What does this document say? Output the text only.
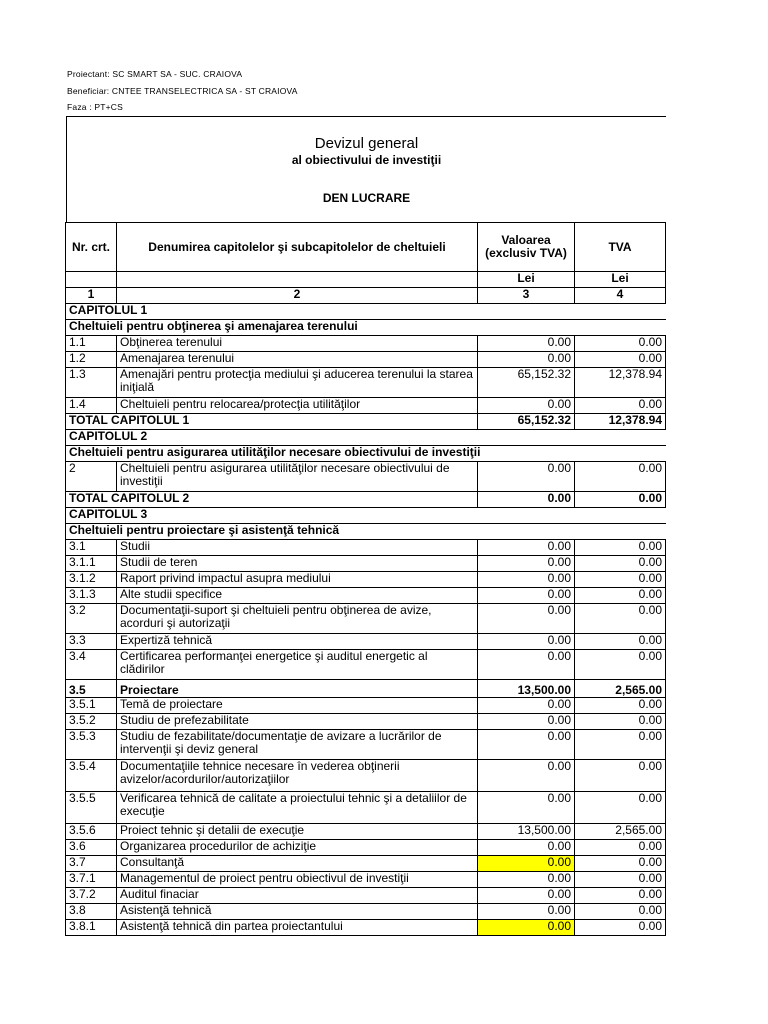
Proiectant: SC SMART SA - SUC. CRAIOVA
Beneficiar: CNTEE TRANSELECTRICA SA - ST CRAIOVA
Faza : PT+CS
Devizul general
al obiectivului de investiţii
DEN LUCRARE
Nr. crt.	Denumirea capitolelor şi subcapitolelor de cheltuieli	Valoarea (exclusiv TVA)	TVA
		Lei	Lei
1	2	3	4
CAPITOLUL 1			
Cheltuieli pentru obţinerea şi amenajarea terenului			
1.1	Obţinerea terenului	0.00	0.00
1.2	Amenajarea terenului	0.00	0.00
1.3	Amenajări pentru protecţia mediului şi aducerea terenului la starea iniţială	65,152.32	12,378.94
1.4	Cheltuieli pentru relocarea/protecţia utilităţilor	0.00	0.00
TOTAL CAPITOLUL 1		65,152.32	12,378.94
CAPITOLUL 2			
Cheltuieli pentru asigurarea utilităţilor necesare obiectivului de investiţii			
2	Cheltuieli pentru asigurarea utilităţilor necesare obiectivului de investiţii	0.00	0.00
TOTAL CAPITOLUL 2		0.00	0.00
CAPITOLUL 3			
Cheltuieli pentru proiectare şi asistenţă tehnică			
3.1	Studii	0.00	0.00
3.1.1	Studii de teren	0.00	0.00
3.1.2	Raport privind impactul asupra mediului	0.00	0.00
3.1.3	Alte studii specifice	0.00	0.00
3.2	Documentaţii-suport şi cheltuieli pentru obţinerea de avize, acorduri şi autorizaţii	0.00	0.00
3.3	Expertiză tehnică	0.00	0.00
3.4	Certificarea performanţei energetice şi auditul energetic al clădirilor	0.00	0.00
3.5	Proiectare	13,500.00	2,565.00
3.5.1	Temă de proiectare	0.00	0.00
3.5.2	Studiu de prefezabilitate	0.00	0.00
3.5.3	Studiu de fezabilitate/documentaţie de avizare a lucrărilor de intervenţii şi deviz general	0.00	0.00
3.5.4	Documentaţiile tehnice necesare în vederea obţinerii avizelor/acordurilor/autorizaţiilor	0.00	0.00
3.5.5	Verificarea tehnică de calitate a proiectului tehnic şi a detaliilor de execuţie	0.00	0.00
3.5.6	Proiect tehnic şi detalii de execuţie	13,500.00	2,565.00
3.6	Organizarea procedurilor de achiziţie	0.00	0.00
3.7	Consultanţă	0.00	0.00
3.7.1	Managementul de proiect pentru obiectivul de investiţii	0.00	0.00
3.7.2	Auditul finaciar	0.00	0.00
3.8	Asistenţă tehnică	0.00	0.00
3.8.1	Asistenţă tehnică din partea proiectantului	0.00	0.00
